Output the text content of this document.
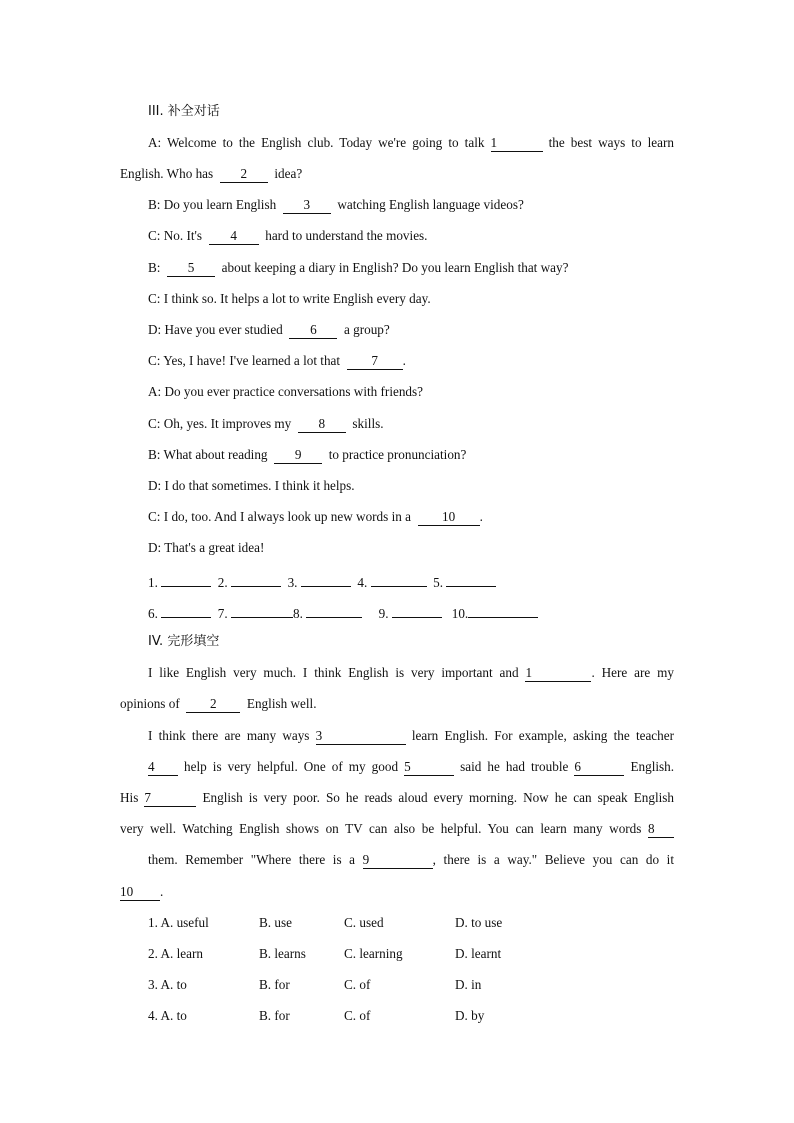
III. 补全对话
A: Welcome to the English club. Today we're going to talk 1	the best ways to learn
English. Who has 2 idea?
B: Do you learn English 3 watching English language videos?
C: No. It's 4 hard to understand the movies.
B: 5 about keeping a diary in English? Do you learn English that way?
C: I think so. It helps a lot to write English every day.
D: Have you ever studied 6 a group?
C: Yes, I have! I've learned a lot that 7 .
A: Do you ever practice conversations with friends?
C: Oh, yes. It improves my 8 skills.
B: What about reading 9 to practice pronunciation?
D: I do that sometimes. I think it helps.
C: I do, too. And I always look up new words in a 10 .
D: That's a great idea!
1.	2.	3.	4.	5.
6.	7.	8.	9.	10.
IV. 完形填空
I like English very much. I think English is very important and 1	. Here are my
opinions of 2 English well.
I think there are many ways 3	learn English. For example, asking the teacher
4 help is very helpful. One of my good 5	said he had trouble 6	English.
His 7	English is very poor. So he reads aloud every morning. Now he can speak English
very well. Watching English shows on TV can also be helpful. You can learn many words 8
them. Remember "Where there is a 9	, there is a way." Believe you can do it
10 .
1. A. useful	B. use	C. used	D. to use
2. A. learn	B. learns	C. learning	D. learnt
3. A. to	B. for	C. of	D. in
4. A. to	B. for	C. of	D. by
